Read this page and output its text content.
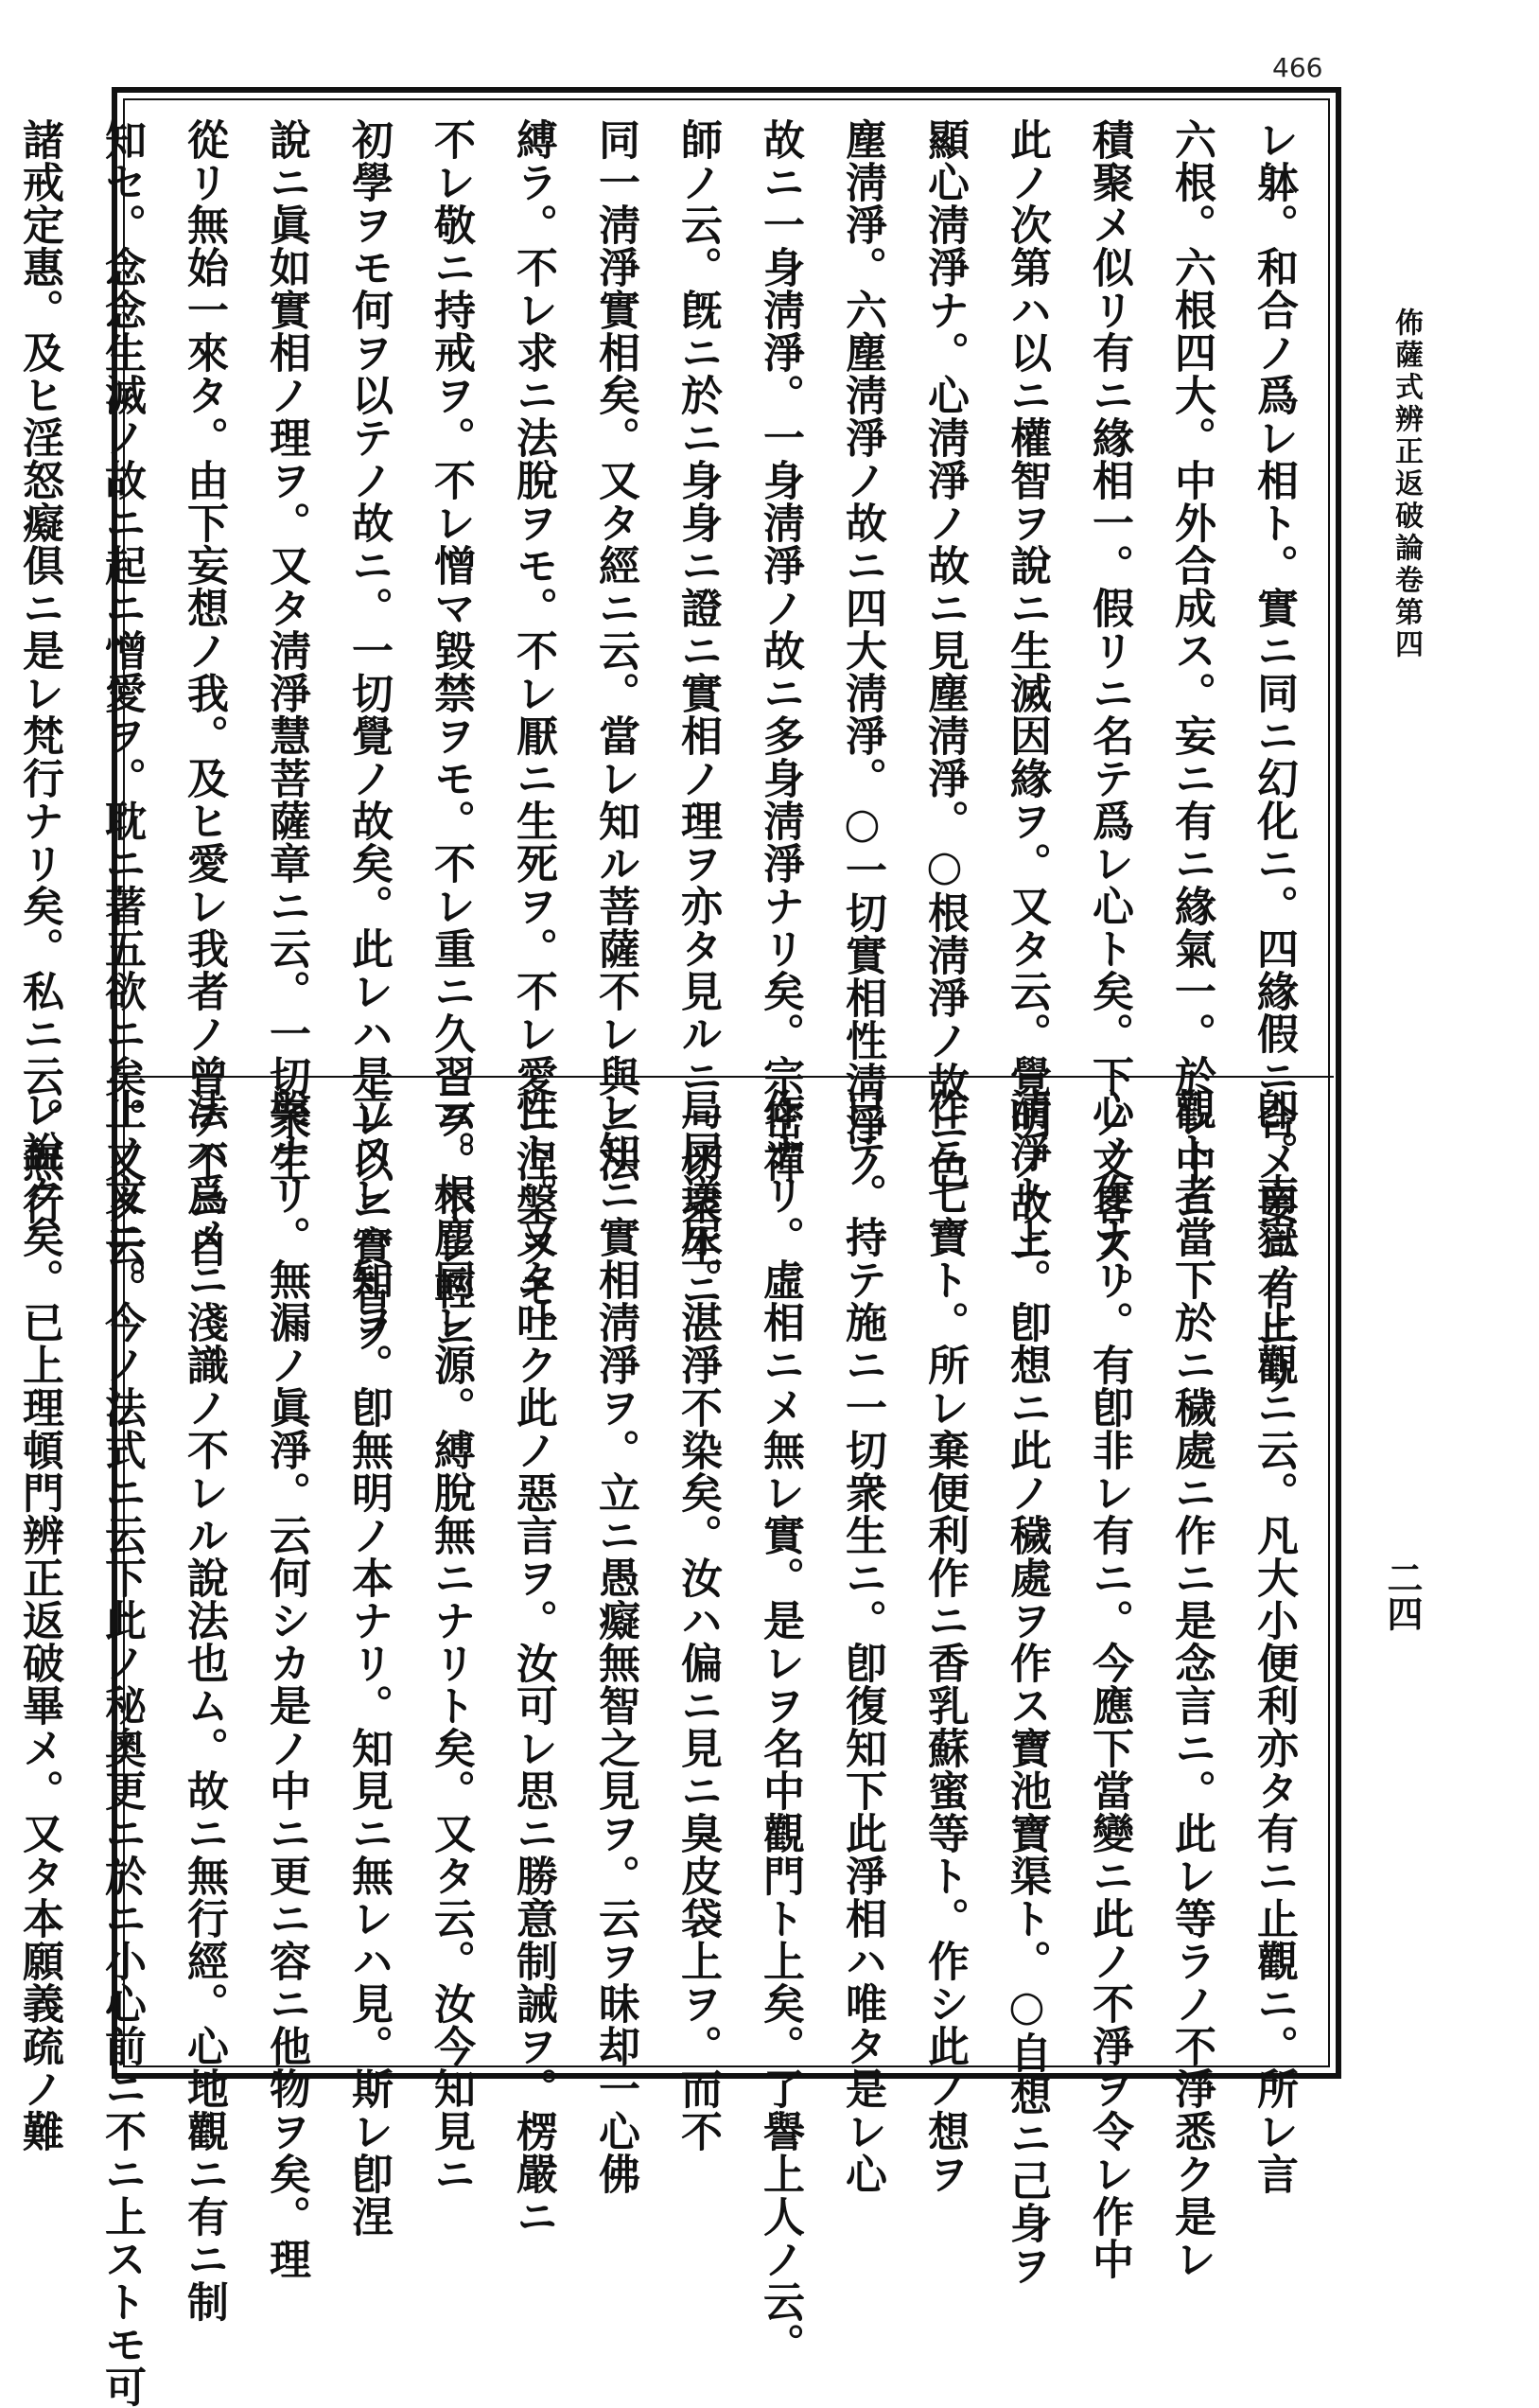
466
佈薩式辨正返破論卷第四
二四
レ躰。和合ノ爲レ相ト。實ニ同ニ幻化ニ。四緣假ニ合メ妄ニ有ニリ
六根。六根四大。中外合成ス。妄ニ有ニ緣氣一。於レ中ニ
積聚メ似リ有ニ緣相一。假リニ名テ爲レ心ト矣。下ノ文畧ス。
此ノ次第ハ以ニ權智ヲ說ニ生滅因緣ヲ。又タ云。覺明ノ故ニ
顯心淸淨ナ。心淸淨ノ故ニ見塵淸淨。○根淸淨ノ故ニ色
塵淸淨。六塵淸淨ノ故ニ四大淸淨。○一切實相性淸淨ノ
故ニ一身淸淨。一身淸淨ノ故ニ多身淸淨ナリ矣。宗密禪
師ノ云。旣ニ於ニ身身ニ證ニ實相ノ理ヲ亦タ見ルニ一切衆生ニ
同一淸淨實相矣。又タ經ニ云。當レ知ル菩薩不レ與ニ法
縛ラ。不レ求ニ法脫ヲモ。不レ厭ニ生死ヲ。不レ愛ニ涅槃ヲモ。
不レ敬ニ持戒ヲ。不レ憎マ毀禁ヲモ。不レ重ニ久習ヲ。不レ輕ニ
初學ヲモ何ヲ以テノ故ニ。一切覺ノ故矣。此レハ是レ以ニ實智ヲ
說ニ眞如實相ノ理ヲ。又タ淸淨慧菩薩章ニ云。一切衆生
從リ無始一來タ。由下妄想ノ我。及ヒ愛レ我者ノ曾テ不ニ自
知セ。念念生滅ノ故ニ起ニ憎愛ヲ。耽ニ著五欲ニ矣。又タ云。
諸戒定惠。及ヒ淫怒癡倶ニ是レ梵行ナリ矣。私ニ云。無行
卽。南嶽ノ止觀ニ云。凡大小便利亦タ有ニ止觀ニ。所レ言
觀ト者當下於ニ穢處ニ作ニ是念言ニ。此レ等ラノ不淨悉ク是レ
心ノ作ナリ。有卽非レ有ニ。今應下當變ニ此ノ不淨ヲ令レ作中
淸淨ト上。卽想ニ此ノ穢處ヲ作ス寶池寶渠ト。○自想ニ己身ヲ
作ニ七寶ト。所レ棄便利作ニ香乳蘇蜜等ト。作シ此ノ想ヲ
已テ。持テ施ニ一切衆生ニ。卽復知下此淨相ハ唯タ是レ心
作ナリ。虛相ニメ無レ實。是レヲ名中觀門ト上矣。了譽上人ノ云。
局屎送尿。湛淨不染矣。汝ハ偏ニ見ニ臭皮袋上ヲ。而不
レ知ニ實相淸淨ヲ。立ニ愚癡無智之見ヲ。云ヲ昧却一心佛
性ト。又タ吐ク此ノ惡言ヲ。汝可レ思ニ勝意制誡ヲ。楞嚴ニ
云。根塵同レ源。縛脫無ニナリト矣。又タ云。汝今知見ニ
立スレハ知ヲ。卽無明ノ本ナリ。知見ニ無レハ見。斯レ卽涅
槃ナリ。無漏ノ眞淨。云何シカ是ノ中ニ更ニ容ニ他物ヲ矣。理
法ハ爲メニ淺識ノ不レル說法也ム。故ニ無行經。心地觀ニ有ニ制
止ノ文ニ。今ノ法式ニ云下此ノ秘奧更ニ於ニ小心前ニ不ニ上ストモ可
レ說ク矣。已上理頓門辨正返破畢メ。又タ本願義疏ノ難
